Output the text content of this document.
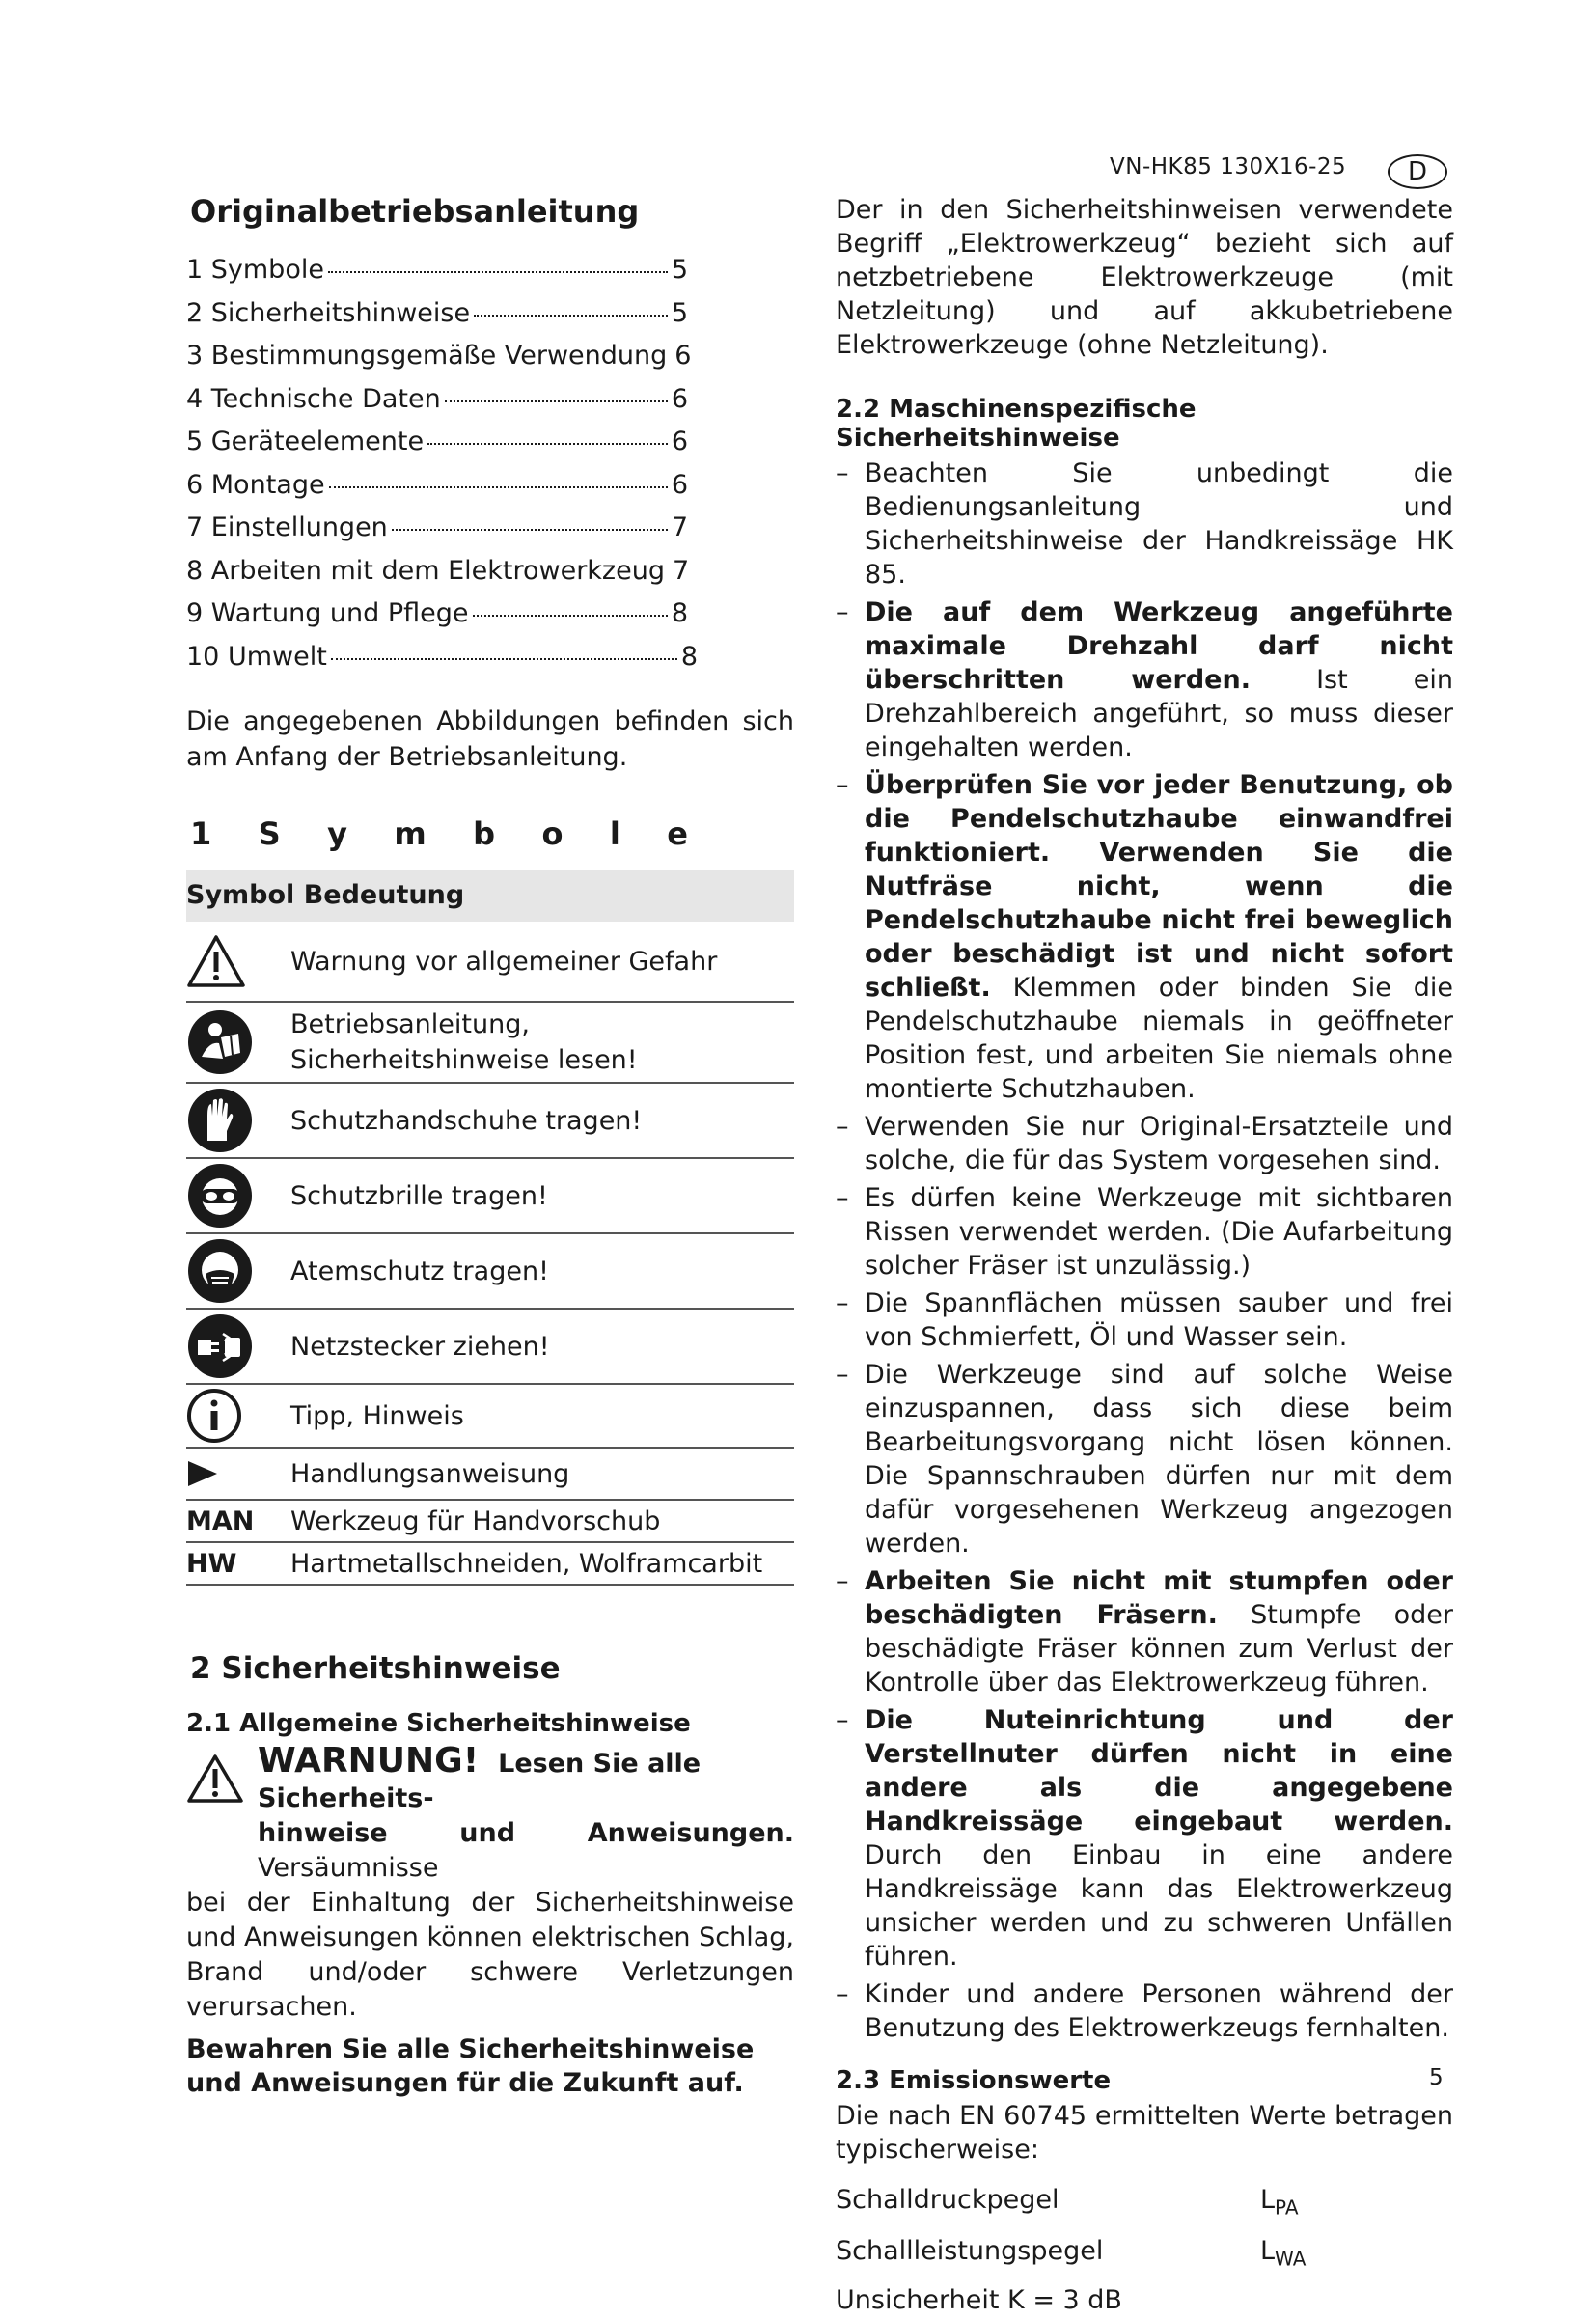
VN-HK85 130X16-25	D
Originalbetriebsanleitung
1 Symbole	5
2 Sicherheitshinweise	5
3 Bestimmungsgemäße Verwendung 6
4 Technische Daten	6
5 Geräteelemente	6
6 Montage	6
7 Einstellungen	7
8 Arbeiten mit dem Elektrowerkzeug 7
9 Wartung und Pflege	8
10 Umwelt	8

Die angegebenen Abbildungen befinden sich am Anfang der Betriebsanleitung.

1 S y m b o l e
Symbol Bedeutung
Warnung vor allgemeiner Gefahr
Betriebsanleitung, Sicherheitshinweise lesen!
Schutzhandschuhe tragen!
Schutzbrille tragen!
Atemschutz tragen!
Netzstecker ziehen!
Tipp, Hinweis
Handlungsanweisung
MAN	Werkzeug für Handvorschub
HW	Hartmetallschneiden, Wolframcarbit
2 Sicherheitshinweise
2.1 Allgemeine Sicherheitshinweise
WARNUNG! Lesen Sie alle Sicherheits-
hinweise und Anweisungen. Versäumnisse
bei der Einhaltung der Sicherheitshinweise und Anweisungen können elektrischen Schlag, Brand und/oder schwere Verletzungen verursachen.

Bewahren Sie alle Sicherheitshinweise und Anweisungen für die Zukunft auf.

Der in den Sicherheitshinweisen verwendete Begriff „Elektrowerkzeug“ bezieht sich auf netzbetriebene Elektrowerkzeuge (mit Netzleitung) und auf akkubetriebene Elektrowerkzeuge (ohne Netzleitung).

2.2 Maschinenspezifische Sicherheitshinweise
– Beachten Sie unbedingt die Bedienungsanleitung und Sicherheitshinweise der Handkreissäge HK 85.
– Die auf dem Werkzeug angeführte maximale Drehzahl darf nicht überschritten werden.	Ist ein Drehzahlbereich angeführt, so muss dieser eingehalten werden.
– Überprüfen Sie vor jeder Benutzung, ob die Pendelschutzhaube einwandfrei funktioniert. Verwenden Sie die Nutfräse nicht, wenn die Pendelschutzhaube nicht frei beweglich oder beschädigt ist und nicht sofort schließt. Klemmen oder binden Sie die Pendelschutzhaube niemals in geöffneter Position fest, und arbeiten Sie niemals ohne montierte Schutzhauben.
– Verwenden Sie nur Original-Ersatzteile und solche, die für das System vorgesehen sind.
– Es dürfen keine Werkzeuge mit sichtbaren Rissen verwendet werden. (Die Aufarbeitung solcher Fräser ist unzulässig.)
– Die Spannflächen müssen sauber und frei von Schmierfett, Öl und Wasser sein.
– Die Werkzeuge sind auf solche Weise einzuspannen, dass sich diese beim Bearbeitungsvorgang nicht lösen können. Die Spannschrauben dürfen nur mit dem dafür vorgesehenen Werkzeug angezogen werden.
– Arbeiten Sie nicht mit stumpfen oder beschädigten Fräsern. Stumpfe oder beschädigte Fräser können zum Verlust der Kontrolle über das Elektrowerkzeug führen.
– Die Nuteinrichtung und der Verstellnuter dürfen nicht in eine andere als die angegebene Handkreissäge eingebaut werden. Durch den Einbau in eine andere Handkreissäge kann das Elektrowerkzeug unsicher werden und zu schweren Unfällen führen.
– Kinder und andere Personen während der Benutzung des Elektrowerkzeugs fernhalten.
2.3 Emissionswerte

Die nach EN 60745 ermittelten Werte betragen typischerweise:

Schalldruckpegel	$L_{PA}$
Schallleistungspegel	$L_{WA}$
Unsicherheit K = 3 dB
5
